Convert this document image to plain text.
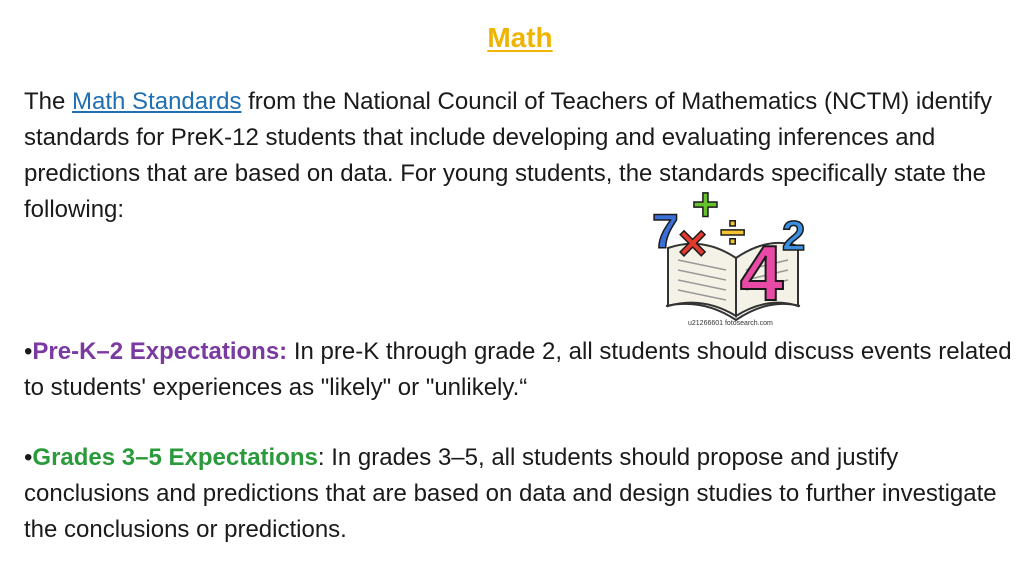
Math

The Math Standards from the National Council of Teachers of Mathematics (NCTM) identify standards for PreK-12 students that include developing and evaluating inferences and predictions that are based on data. For young students, the standards specifically state the following:	7
+
× ÷
4
2
u21266601 fotosearch.com

•Pre-K–2 Expectations: In pre-K through grade 2, all students should discuss events related to students' experiences as "likely" or "unlikely.“

•Grades 3–5 Expectations: In grades 3–5, all students should propose and justify conclusions and predictions that are based on data and design studies to further investigate the conclusions or predictions.
